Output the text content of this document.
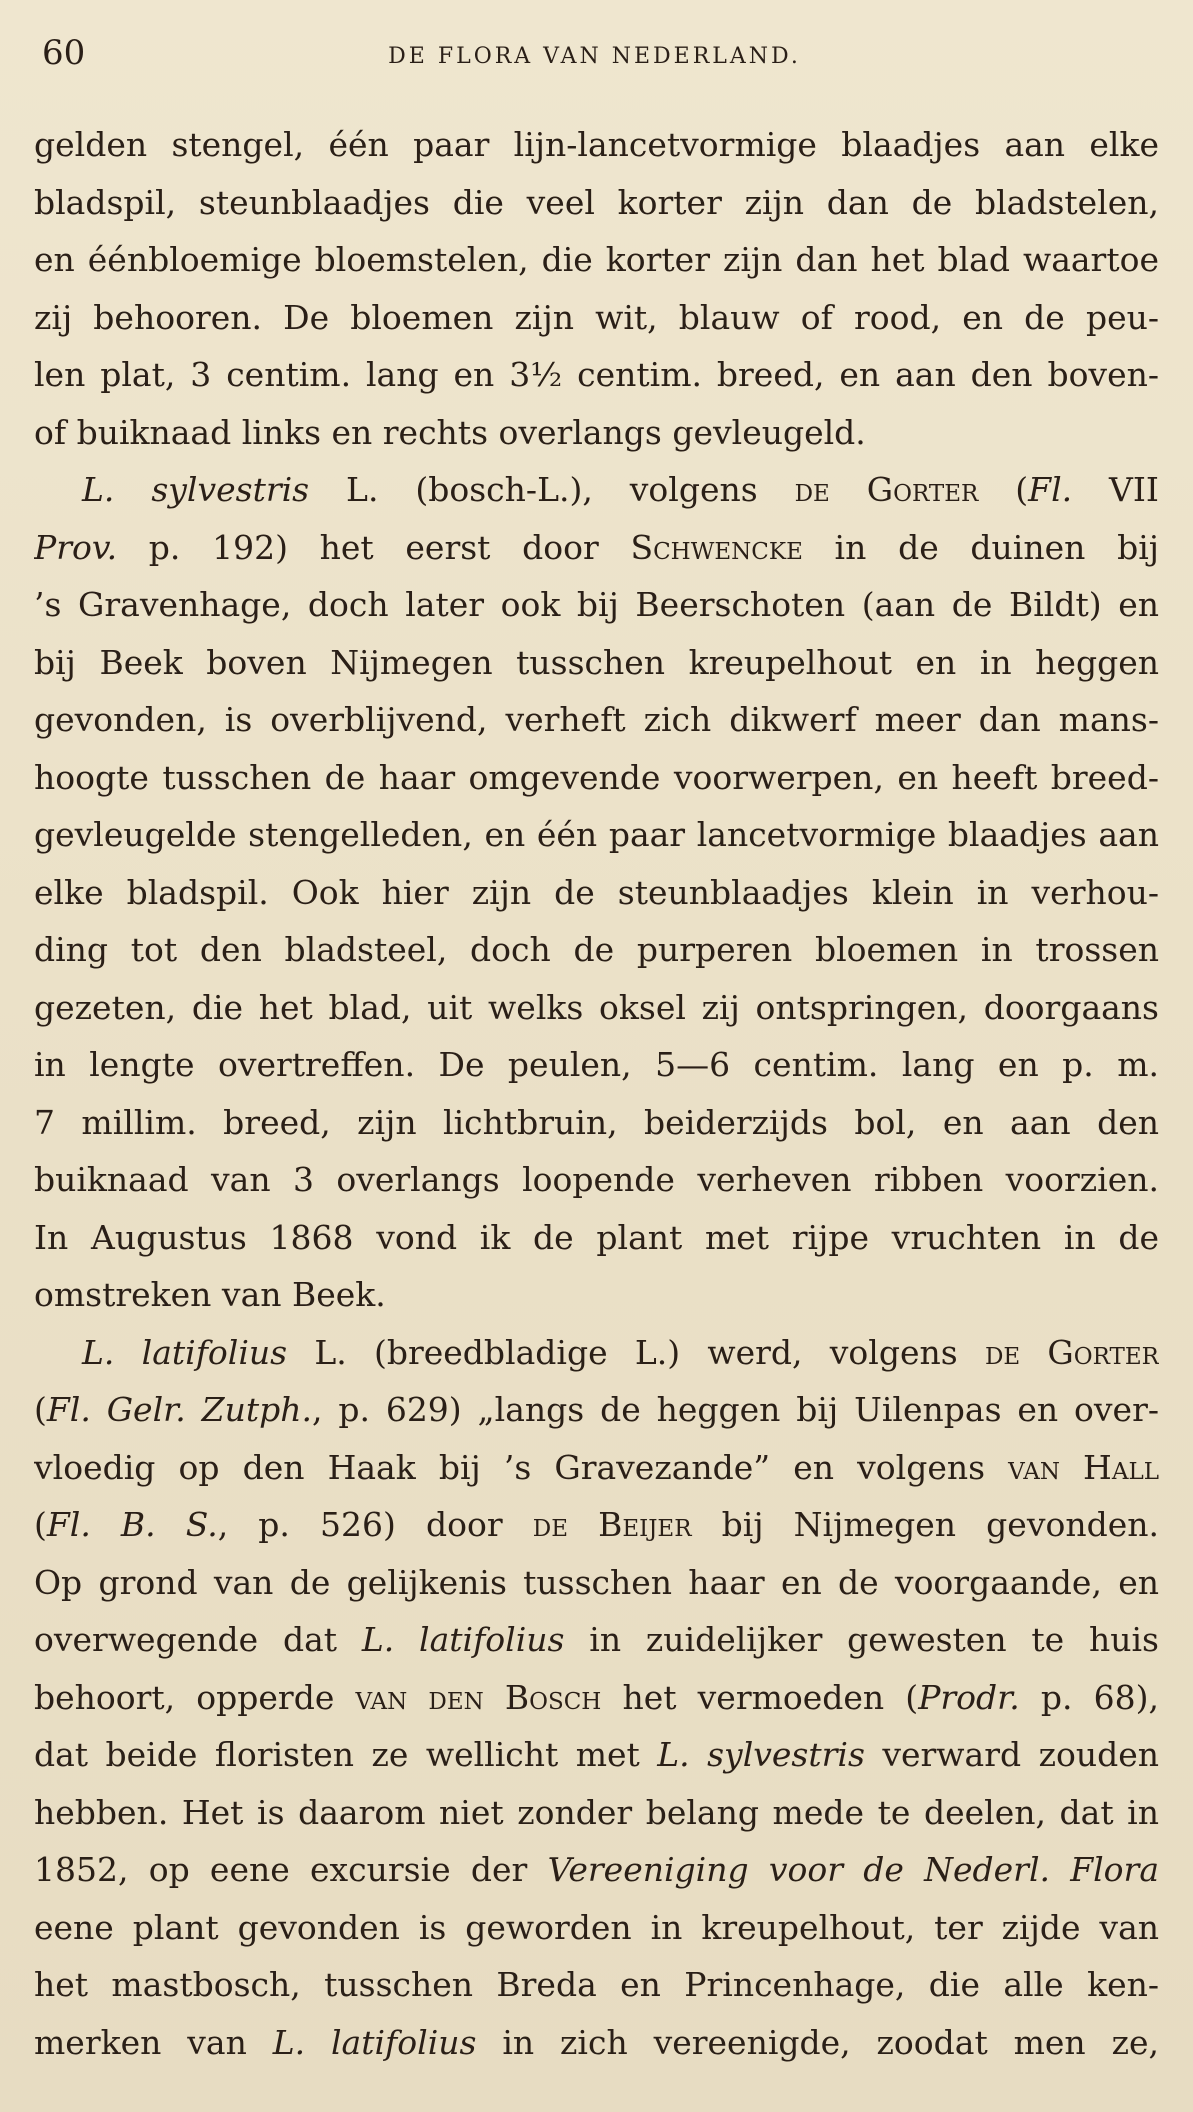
60	DE FLORA VAN NEDERLAND.
gelden stengel, één paar lijn-lancetvormige blaadjes aan elke
bladspil, steunblaadjes die veel korter zijn dan de bladstelen,
en éénbloemige bloemstelen, die korter zijn dan het blad waartoe
zij behooren. De bloemen zijn wit, blauw of rood, en de peu-
len plat, 3 centim. lang en 3½ centim. breed, en aan den boven-
of buiknaad links en rechts overlangs gevleugeld.
L. sylvestris L. (bosch-L.), volgens de Gorter (Fl. VII
Prov. p. 192) het eerst door Schwencke in de duinen bij
’s Gravenhage, doch later ook bij Beerschoten (aan de Bildt) en
bij Beek boven Nijmegen tusschen kreupelhout en in heggen
gevonden, is overblijvend, verheft zich dikwerf meer dan mans-
hoogte tusschen de haar omgevende voorwerpen, en heeft breed-
gevleugelde stengelleden, en één paar lancetvormige blaadjes aan
elke bladspil. Ook hier zijn de steunblaadjes klein in verhou-
ding tot den bladsteel, doch de purperen bloemen in trossen
gezeten, die het blad, uit welks oksel zij ontspringen, doorgaans
in lengte overtreffen. De peulen, 5—6 centim. lang en p. m.
7 millim. breed, zijn lichtbruin, beiderzijds bol, en aan den
buiknaad van 3 overlangs loopende verheven ribben voorzien.
In Augustus 1868 vond ik de plant met rijpe vruchten in de
omstreken van Beek.
L. latifolius L. (breedbladige L.) werd, volgens de Gorter
(Fl. Gelr. Zutph., p. 629) „langs de heggen bij Uilenpas en over-
vloedig op den Haak bij ’s Gravezande” en volgens van Hall
(Fl. B. S., p. 526) door de Beijer bij Nijmegen gevonden.
Op grond van de gelijkenis tusschen haar en de voorgaande, en
overwegende dat L. latifolius in zuidelijker gewesten te huis
behoort, opperde van den Bosch het vermoeden (Prodr. p. 68),
dat beide floristen ze wellicht met L. sylvestris verward zouden
hebben. Het is daarom niet zonder belang mede te deelen, dat in
1852, op eene excursie der Vereeniging voor de Nederl. Flora
eene plant gevonden is geworden in kreupelhout, ter zijde van
het mastbosch, tusschen Breda en Princenhage, die alle ken-
merken van L. latifolius in zich vereenigde, zoodat men ze,
